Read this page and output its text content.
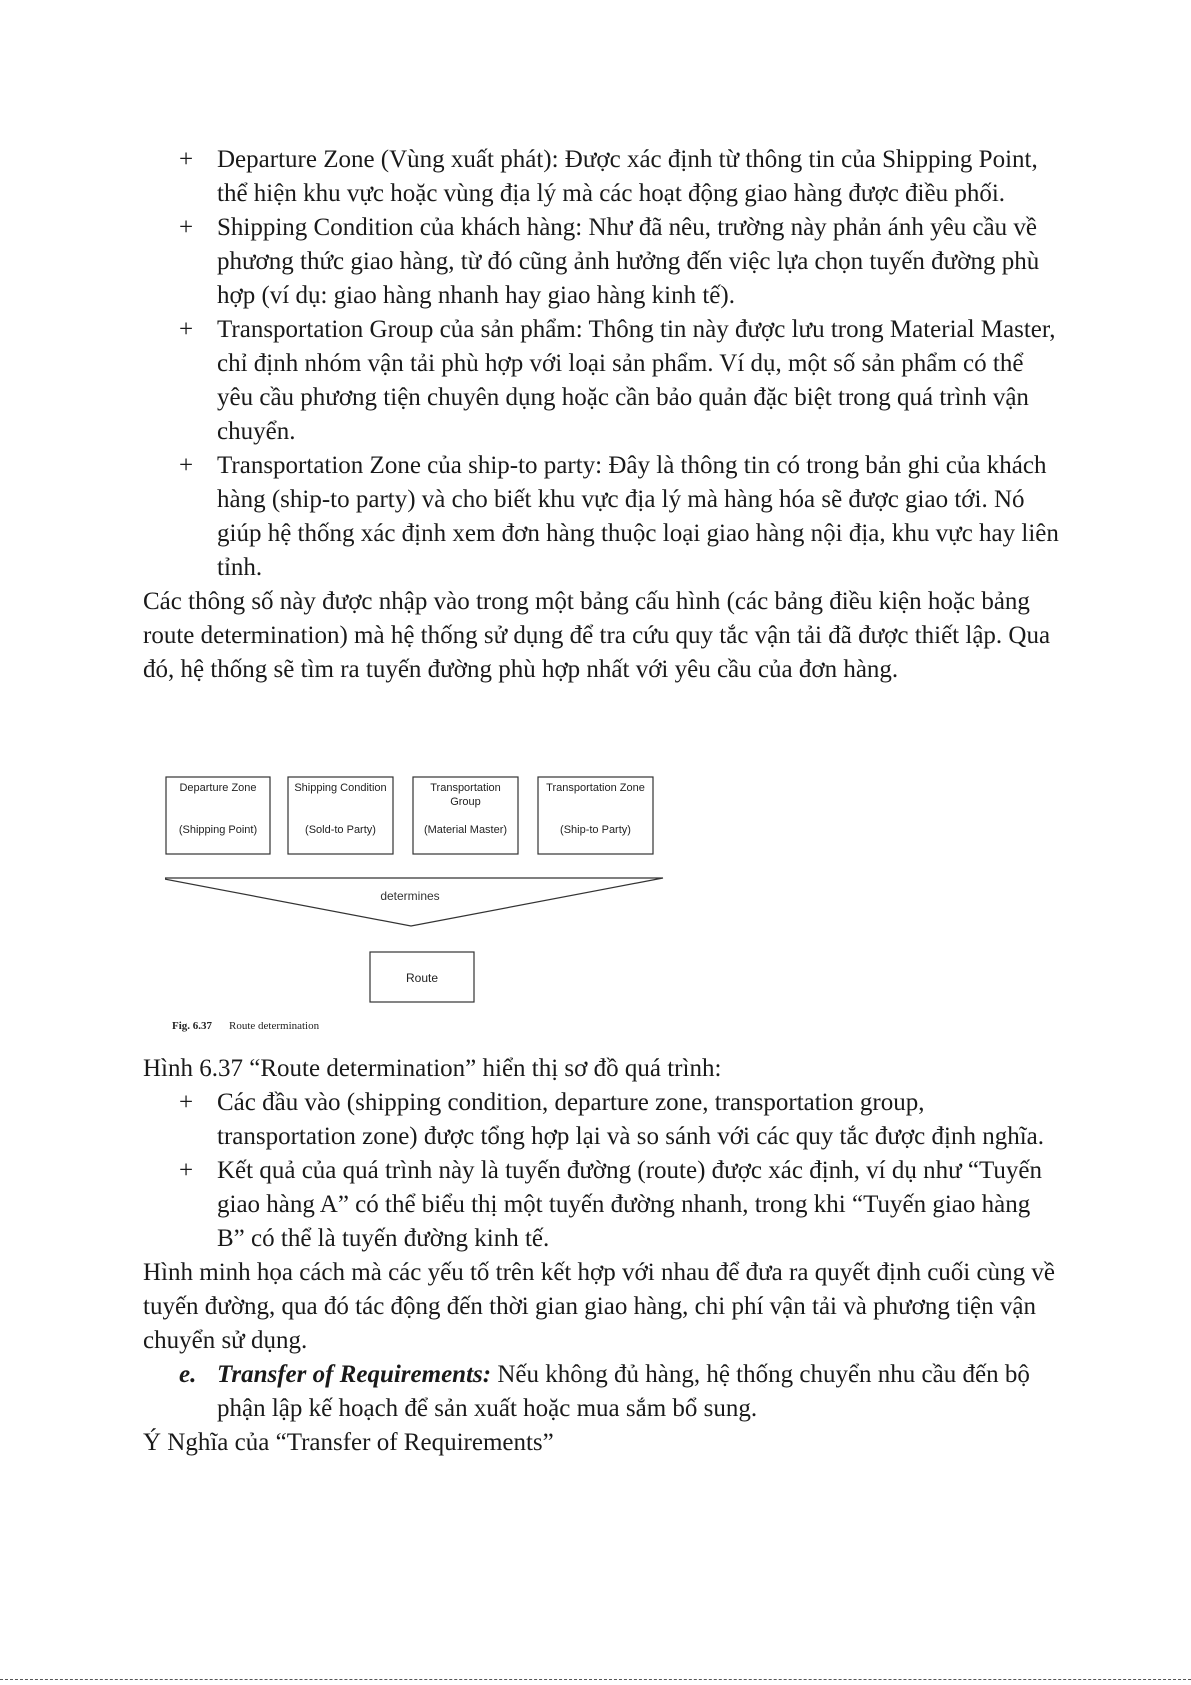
+ Departure Zone (Vùng xuất phát): Được xác định từ thông tin của Shipping Point, thể hiện khu vực hoặc vùng địa lý mà các hoạt động giao hàng được điều phối.
+ Shipping Condition của khách hàng: Như đã nêu, trường này phản ánh yêu cầu về phương thức giao hàng, từ đó cũng ảnh hưởng đến việc lựa chọn tuyến đường phù hợp (ví dụ: giao hàng nhanh hay giao hàng kinh tế).
+ Transportation Group của sản phẩm: Thông tin này được lưu trong Material Master, chỉ định nhóm vận tải phù hợp với loại sản phẩm. Ví dụ, một số sản phẩm có thể yêu cầu phương tiện chuyên dụng hoặc cần bảo quản đặc biệt trong quá trình vận chuyển.
+ Transportation Zone của ship-to party: Đây là thông tin có trong bản ghi của khách hàng (ship-to party) và cho biết khu vực địa lý mà hàng hóa sẽ được giao tới. Nó giúp hệ thống xác định xem đơn hàng thuộc loại giao hàng nội địa, khu vực hay liên tỉnh.

Các thông số này được nhập vào trong một bảng cấu hình (các bảng điều kiện hoặc bảng route determination) mà hệ thống sử dụng để tra cứu quy tắc vận tải đã được thiết lập. Qua đó, hệ thống sẽ tìm ra tuyến đường phù hợp nhất với yêu cầu của đơn hàng.

Departure Zone
(Shipping Point)
Shipping Condition
(Sold-to Party)
Transportation
Group
(Material Master)
Transportation Zone
(Ship-to Party)
determines
Route
Fig. 6.37 Route determination

Hình 6.37 “Route determination” hiển thị sơ đồ quá trình:

+ Các đầu vào (shipping condition, departure zone, transportation group, transportation zone) được tổng hợp lại và so sánh với các quy tắc được định nghĩa.
+ Kết quả của quá trình này là tuyến đường (route) được xác định, ví dụ như “Tuyến giao hàng A” có thể biểu thị một tuyến đường nhanh, trong khi “Tuyến giao hàng B” có thể là tuyến đường kinh tế.

Hình minh họa cách mà các yếu tố trên kết hợp với nhau để đưa ra quyết định cuối cùng về tuyến đường, qua đó tác động đến thời gian giao hàng, chi phí vận tải và phương tiện vận chuyển sử dụng.

e. Transfer of Requirements: Nếu không đủ hàng, hệ thống chuyển nhu cầu đến bộ phận lập kế hoạch để sản xuất hoặc mua sắm bổ sung.

Ý Nghĩa của “Transfer of Requirements”
